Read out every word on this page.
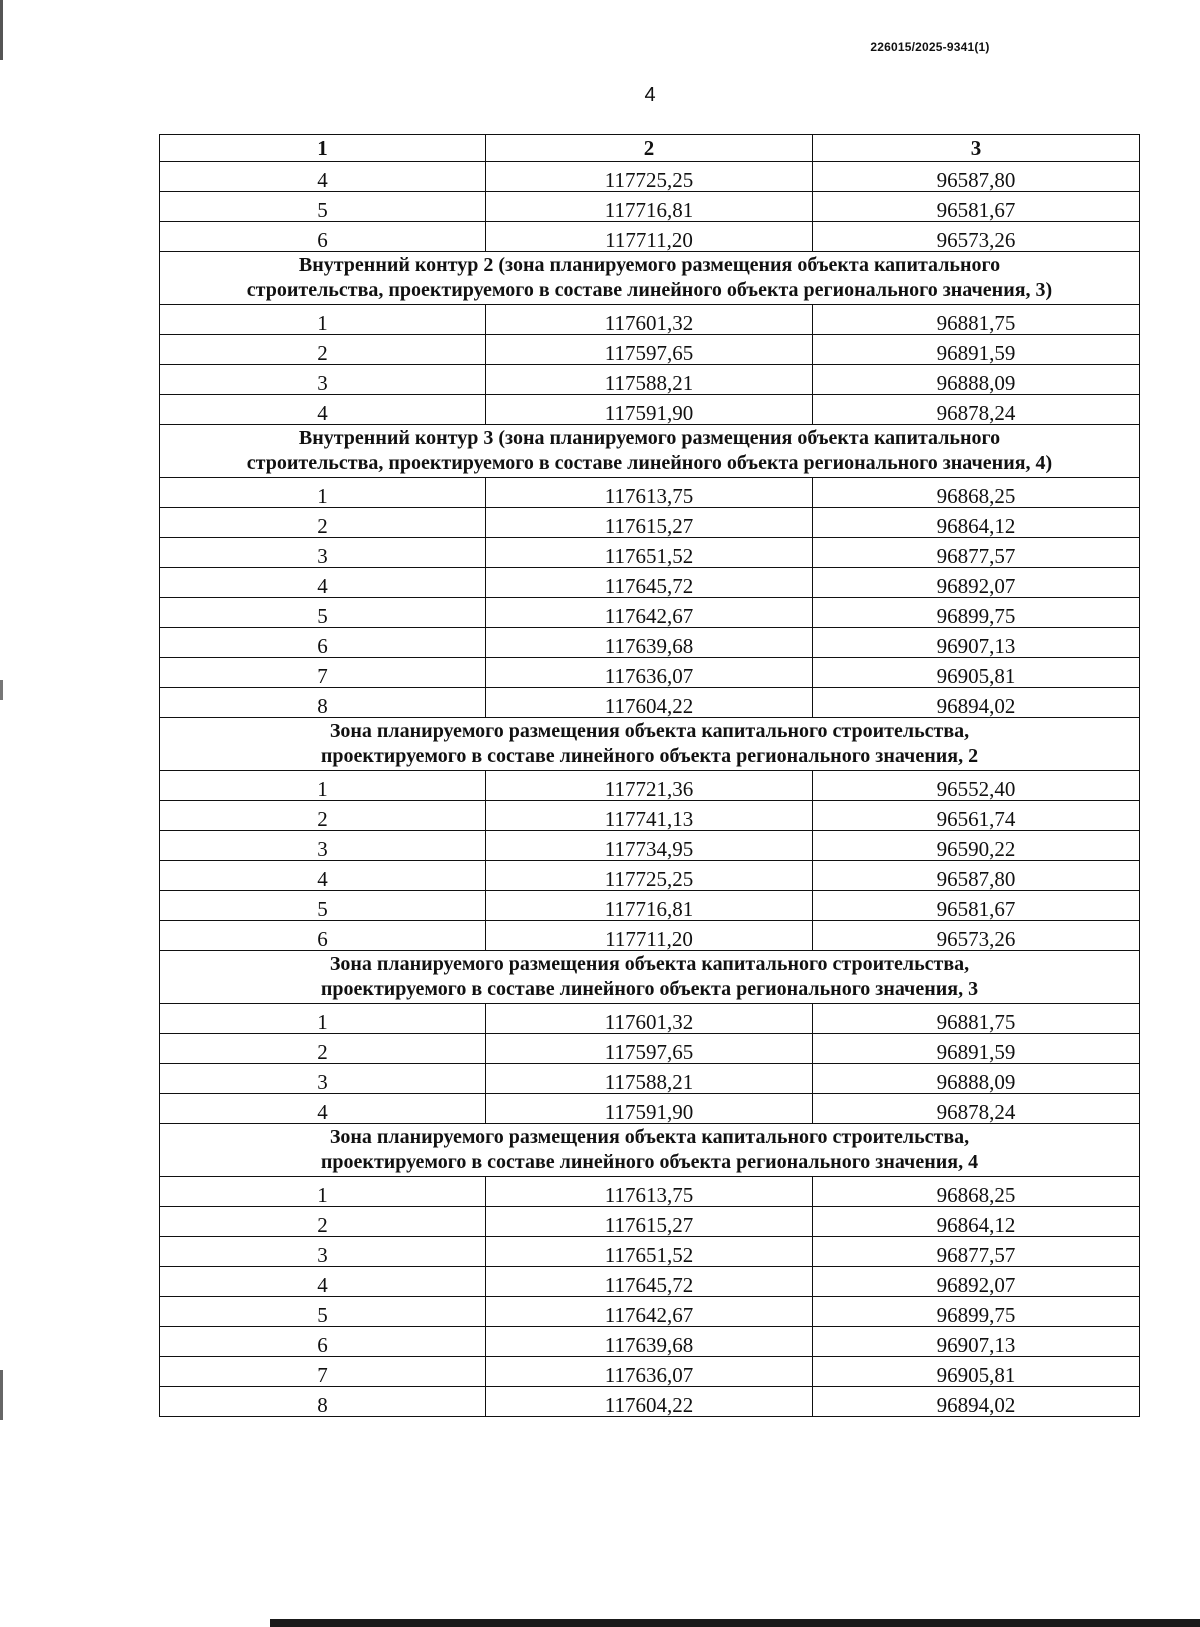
226015/2025-9341(1)
4
1	2	3
4	117725,25	96587,80
5	117716,81	96581,67
6	117711,20	96573,26

Внутренний контур 2 (зона планируемого размещения объекта капитального
строительства, проектируемого в составе линейного объекта регионального значения, 3)		

1	117601,32	96881,75
2	117597,65	96891,59
3	117588,21	96888,09
4	117591,90	96878,24

Внутренний контур 3 (зона планируемого размещения объекта капитального
строительства, проектируемого в составе линейного объекта регионального значения, 4)		

1	117613,75	96868,25
2	117615,27	96864,12
3	117651,52	96877,57
4	117645,72	96892,07
5	117642,67	96899,75
6	117639,68	96907,13
7	117636,07	96905,81
8	117604,22	96894,02

Зона планируемого размещения объекта капитального строительства,
проектируемого в составе линейного объекта регионального значения, 2		

1	117721,36	96552,40
2	117741,13	96561,74
3	117734,95	96590,22
4	117725,25	96587,80
5	117716,81	96581,67
6	117711,20	96573,26

Зона планируемого размещения объекта капитального строительства,
проектируемого в составе линейного объекта регионального значения, 3		

1	117601,32	96881,75
2	117597,65	96891,59
3	117588,21	96888,09
4	117591,90	96878,24

Зона планируемого размещения объекта капитального строительства,
проектируемого в составе линейного объекта регионального значения, 4		

1	117613,75	96868,25
2	117615,27	96864,12
3	117651,52	96877,57
4	117645,72	96892,07
5	117642,67	96899,75
6	117639,68	96907,13
7	117636,07	96905,81
8	117604,22	96894,02
